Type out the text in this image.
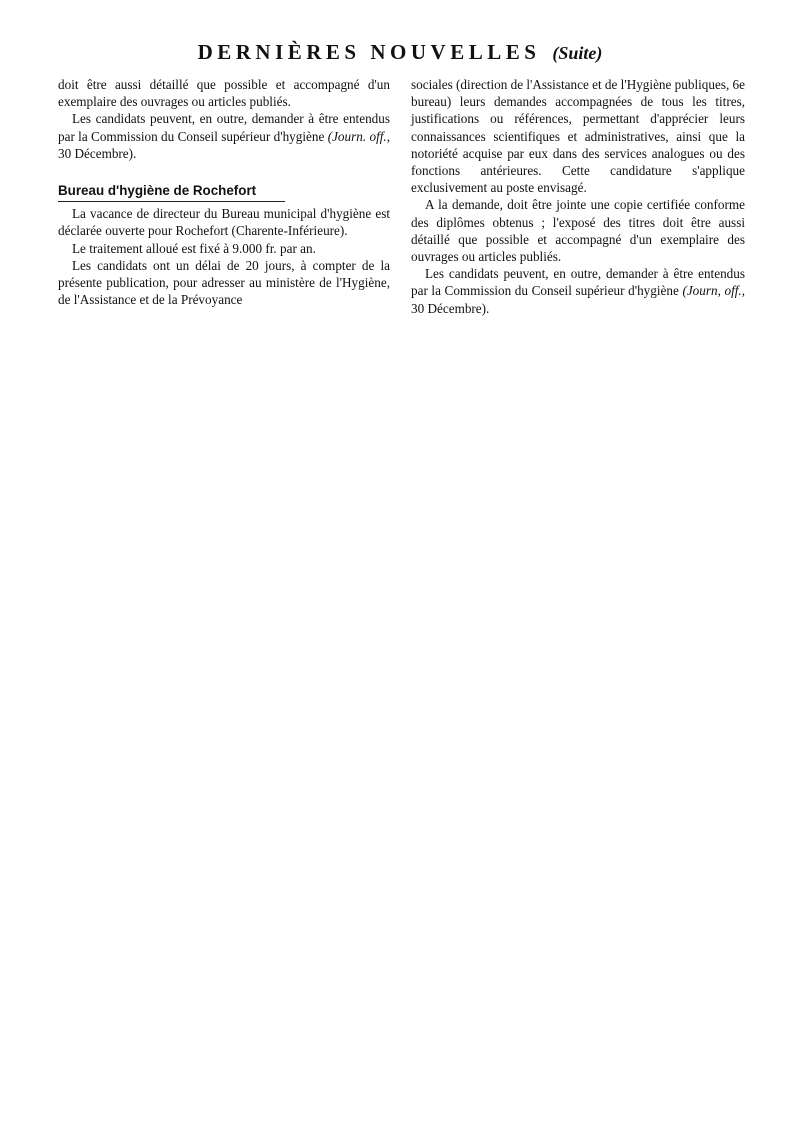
DERNIÈRES NOUVELLES (Suite)

doit être aussi détaillé que possible et accompagné d'un exemplaire des ouvrages ou articles publiés.

Les candidats peuvent, en outre, demander à être entendus par la Commission du Conseil supérieur d'hygiène (Journ. off., 30 Décembre).

Bureau d'hygiène de Rochefort

La vacance de directeur du Bureau municipal d'hygiène est déclarée ouverte pour Rochefort (Charente-Inférieure).

Le traitement alloué est fixé à 9.000 fr. par an.

Les candidats ont un délai de 20 jours, à compter de la présente publication, pour adresser au ministère de l'Hygiène, de l'Assistance et de la Prévoyance

sociales (direction de l'Assistance et de l'Hygiène publiques, 6e bureau) leurs demandes accompagnées de tous les titres, justifications ou références, permettant d'apprécier leurs connaissances scientifiques et administratives, ainsi que la notoriété acquise par eux dans des services analogues ou des fonctions antérieures. Cette candidature s'applique exclusivement au poste envisagé.

A la demande, doit être jointe une copie certifiée conforme des diplômes obtenus ; l'exposé des titres doit être aussi détaillé que possible et accompagné d'un exemplaire des ouvrages ou articles publiés.

Les candidats peuvent, en outre, demander à être entendus par la Commission du Conseil supérieur d'hygiène (Journ, off., 30 Décembre).
